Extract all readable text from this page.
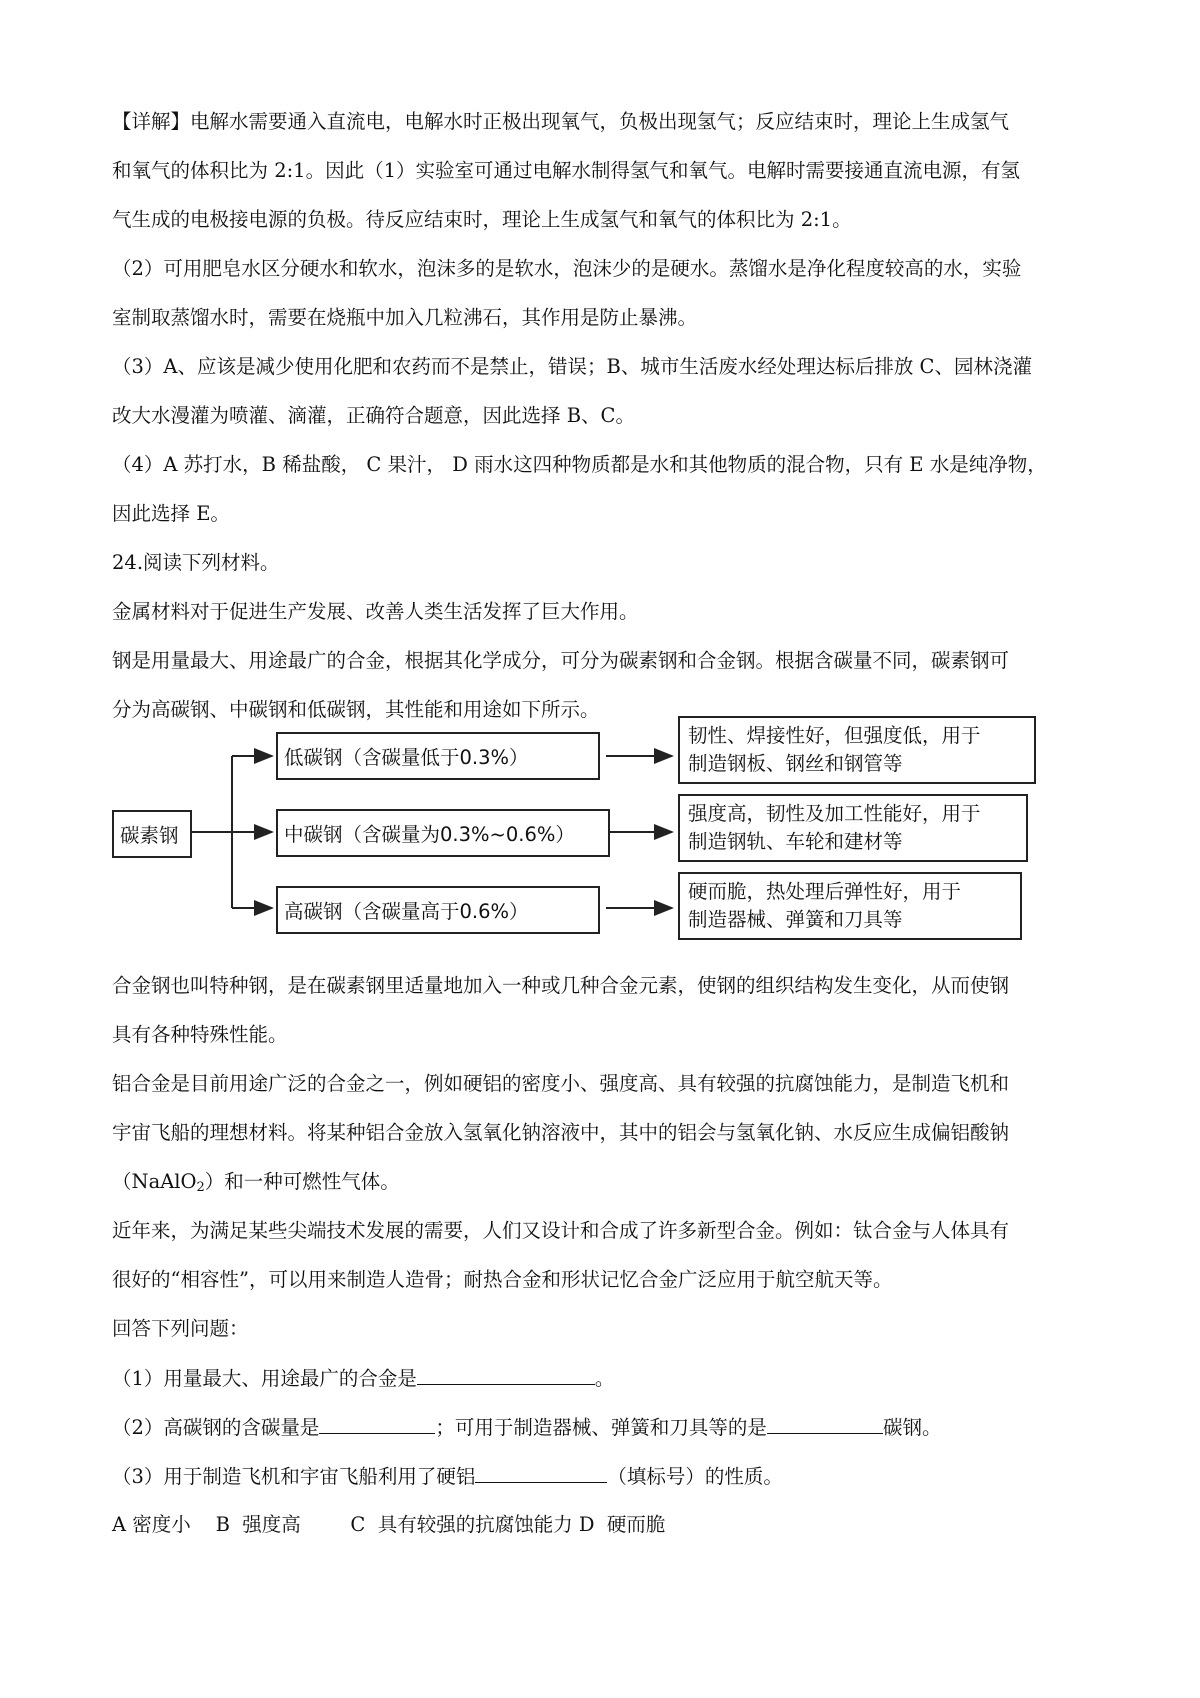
【详解】电解水需要通入直流电，电解水时正极出现氧气，负极出现氢气；反应结束时，理论上生成氢气
和氧气的体积比为 2:1。因此（1）实验室可通过电解水制得氢气和氧气。电解时需要接通直流电源，有氢
气生成的电极接电源的负极。待反应结束时，理论上生成氢气和氧气的体积比为 2:1。
（2）可用肥皂水区分硬水和软水，泡沫多的是软水，泡沫少的是硬水。蒸馏水是净化程度较高的水，实验
室制取蒸馏水时，需要在烧瓶中加入几粒沸石，其作用是防止暴沸。
（3）A、应该是减少使用化肥和农药而不是禁止，错误；B、城市生活废水经处理达标后排放 C、园林浇灌
改大水漫灌为喷灌、滴灌，正确符合题意，因此选择 B、C。
（4）A 苏打水，B 稀盐酸， C 果汁， D 雨水这四种物质都是水和其他物质的混合物，只有 E 水是纯净物，
因此选择 E。
24.阅读下列材料。
金属材料对于促进生产发展、改善人类生活发挥了巨大作用。
钢是用量最大、用途最广的合金，根据其化学成分，可分为碳素钢和合金钢。根据含碳量不同，碳素钢可
分为高碳钢、中碳钢和低碳钢，其性能和用途如下所示。
碳素钢
低碳钢（含碳量低于0.3%）
中碳钢（含碳量为0.3%~0.6%）
高碳钢（含碳量高于0.6%）
韧性、焊接性好，但强度低，用于
制造钢板、钢丝和钢管等
强度高，韧性及加工性能好，用于
制造钢轨、车轮和建材等
硬而脆，热处理后弹性好，用于
制造器械、弹簧和刀具等
合金钢也叫特种钢，是在碳素钢里适量地加入一种或几种合金元素，使钢的组织结构发生变化，从而使钢
具有各种特殊性能。
铝合金是目前用途广泛的合金之一，例如硬铝的密度小、强度高、具有较强的抗腐蚀能力，是制造飞机和
宇宙飞船的理想材料。将某种铝合金放入氢氧化钠溶液中，其中的铝会与氢氧化钠、水反应生成偏铝酸钠
（NaAlO$_2$）和一种可燃性气体。
近年来，为满足某些尖端技术发展的需要，人们又设计和合成了许多新型合金。例如：钛合金与人体具有
很好的“相容性”，可以用来制造人造骨；耐热合金和形状记忆合金广泛应用于航空航天等。
回答下列问题：
（1）用量最大、用途最广的合金是	。
（2）高碳钢的含碳量是	；可用于制造器械、弹簧和刀具等的是	碳钢。
（3）用于制造飞机和宇宙飞船利用了硬铝	（填标号）的性质。
A 密度小    B  强度高        C  具有较强的抗腐蚀能力 D  硬而脆
